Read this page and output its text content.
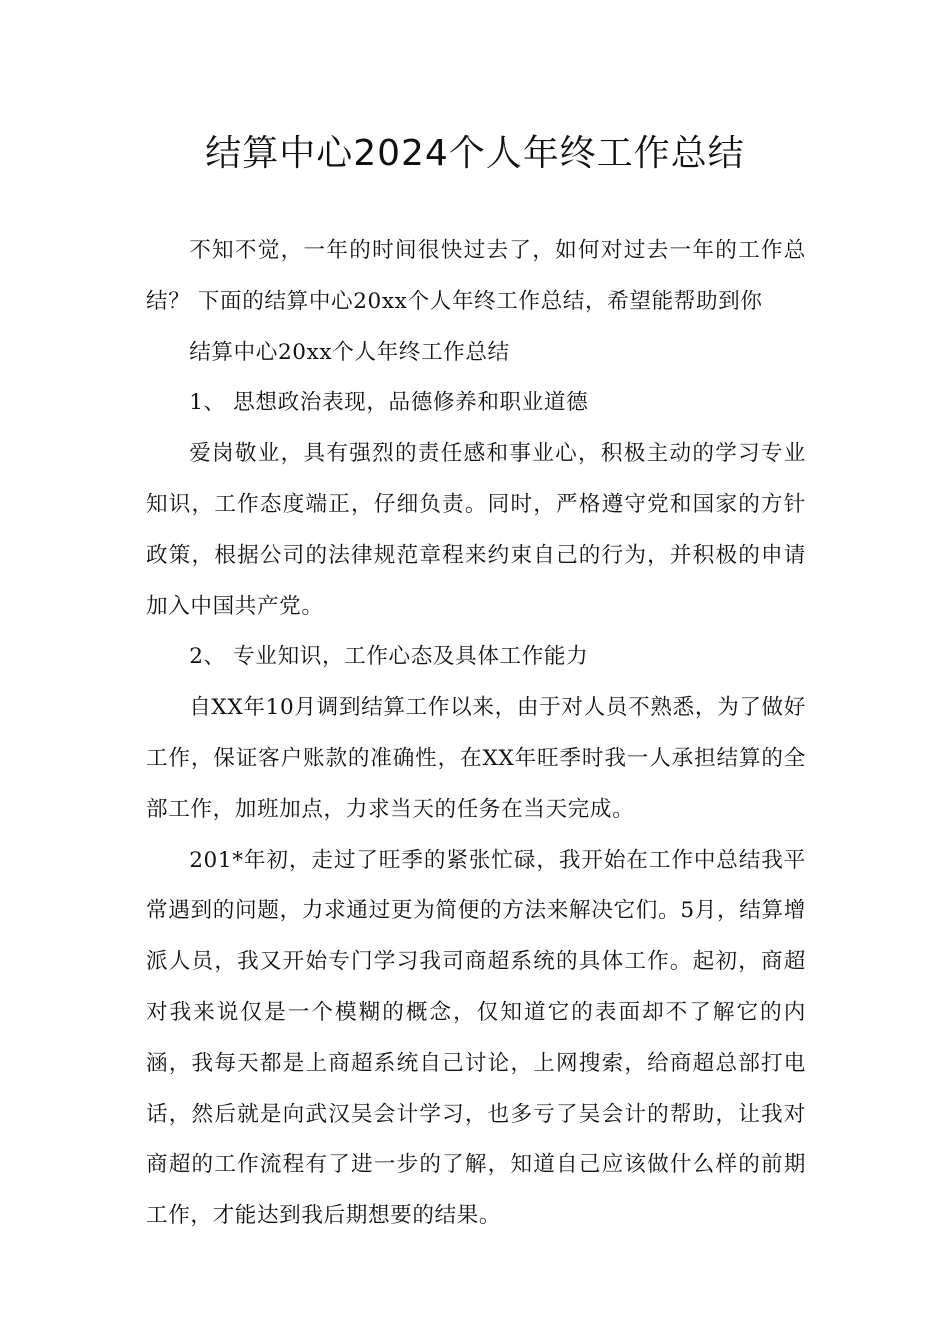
结算中心2024个人年终工作总结

不知不觉，一年的时间很快过去了，如何对过去一年的工作总结？ 下面的结算中心20xx个人年终工作总结，希望能帮助到你

结算中心20xx个人年终工作总结

1、 思想政治表现，品德修养和职业道德

爱岗敬业，具有强烈的责任感和事业心，积极主动的学习专业知识，工作态度端正，仔细负责。同时，严格遵守党和国家的方针政策，根据公司的法律规范章程来约束自己的行为，并积极的申请加入中国共产党。

2、 专业知识，工作心态及具体工作能力

自XX年10月调到结算工作以来，由于对人员不熟悉，为了做好工作，保证客户账款的准确性，在XX年旺季时我一人承担结算的全部工作，加班加点，力求当天的任务在当天完成。

201*年初，走过了旺季的紧张忙碌，我开始在工作中总结我平常遇到的问题，力求通过更为简便的方法来解决它们。5月，结算增派人员，我又开始专门学习我司商超系统的具体工作。起初，商超对我来说仅是一个模糊的概念，仅知道它的表面却不了解它的内涵，我每天都是上商超系统自己讨论，上网搜索，给商超总部打电话，然后就是向武汉吴会计学习，也多亏了吴会计的帮助，让我对商超的工作流程有了进一步的了解，知道自己应该做什么样的前期工作，才能达到我后期想要的结果。
